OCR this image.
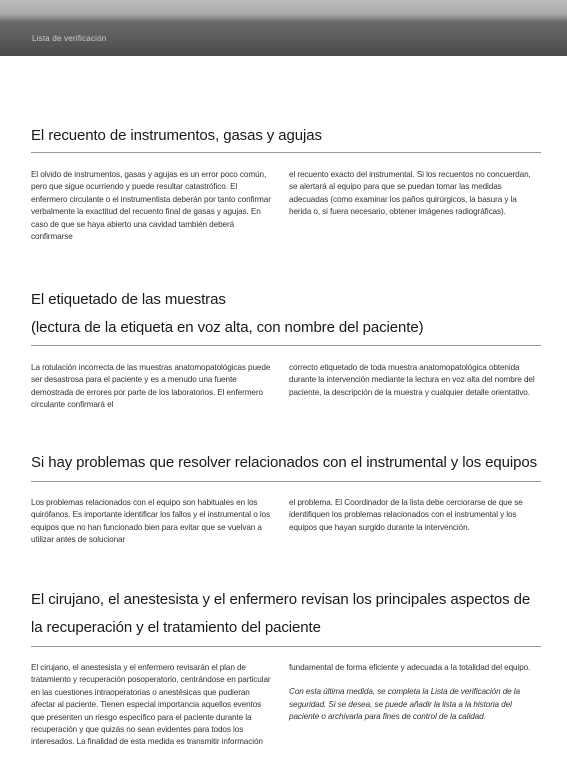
Lista de verificación
El recuento de instrumentos, gasas y agujas

El olvido de instrumentos, gasas y agujas es un error poco común, pero que sigue ocurriendo y puede resultar catastrófico. El enfermero circulante o el instrumentista deberán por tanto confirmar verbalmente la exactitud del recuento final de gasas y agujas. En caso de que se haya abierto una cavidad también deberá confirmarse

el recuento exacto del instrumental. Si los recuentos no concuerdan, se alertará al equipo para que se puedan tomar las medidas adecuadas (como examinar los paños quirúrgicos, la basura y la herida o, si fuera necesario, obtener imágenes radiográficas).

El etiquetado de las muestras
(lectura de la etiqueta en voz alta, con nombre del paciente)

La rotulación incorrecta de las muestras anatomopatológicas puede ser desastrosa para el paciente y es a menudo una fuente demostrada de errores por parte de los laboratorios. El enfermero circulante confirmará el

correcto etiquetado de toda muestra anatomopatológica obtenida durante la intervención mediante la lectura en voz alta del nombre del paciente, la descripción de la muestra y cualquier detalle orientativo.

Si hay problemas que resolver relacionados con el instrumental y los equipos

Los problemas relacionados con el equipo son habituales en los quirófanos. Es importante identificar los fallos y el instrumental o los equipos que no han funcionado bien para evitar que se vuelvan a utilizar antes de solucionar

el problema. El Coordinador de la lista debe cerciorarse de que se identifiquen los problemas relacionados con el instrumental y los equipos que hayan surgido durante la intervención.

El cirujano, el anestesista y el enfermero revisan los principales aspectos de
la recuperación y el tratamiento del paciente

El cirujano, el anestesista y el enfermero revisarán el plan de tratamiento y recuperación posoperatorio, centrándose en particular en las cuestiones intraoperatorias o anestésicas que pudieran afectar al paciente. Tienen especial importancia aquellos eventos que presenten un riesgo específico para el paciente durante la recuperación y que quizás no sean evidentes para todos los interesados. La finalidad de esta medida es transmitir información

fundamental de forma eficiente y adecuada a la totalidad del equipo.

Con esta última medida, se completa la Lista de verificación de la seguridad. Si se desea, se puede añadir la lista a la historia del paciente o archivarla para fines de control de la calidad.
